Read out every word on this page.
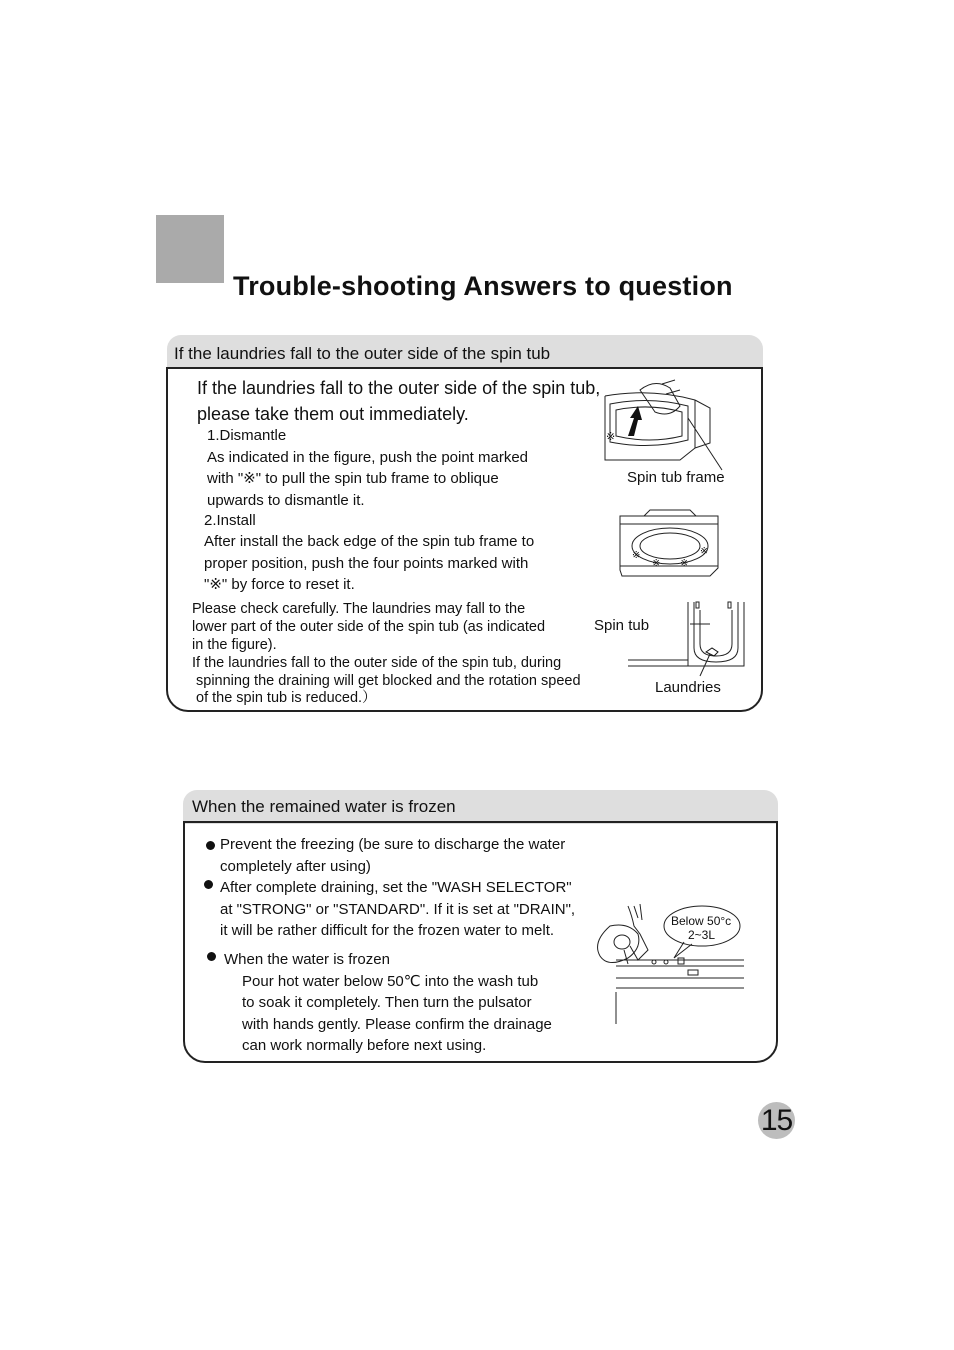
Trouble-shooting Answers to question
If the laundries fall to the outer side of the spin tub
If the laundries fall to the outer side of the spin tub,
please take them out immediately.
1.Dismantle
As indicated in the figure, push the point marked
with "※" to pull the spin tub frame to oblique
upwards to dismantle it.
2.Install
After install the back edge of the spin tub frame to
proper position, push the four points marked with
"※" by force to reset it.
Please check carefully. The laundries may fall to the
lower part of the outer side of the spin tub (as indicated
in the figure).
If the laundries fall to the outer side of the spin tub, during
spinning the draining will get blocked and the rotation speed
of the spin tub is reduced.）
※
Spin tub frame
※
※ ※
※
Spin tub
Laundries
When the remained water is frozen
Prevent the freezing (be sure to discharge the water
completely after using)
After complete draining, set the "WASH SELECTOR"
at "STRONG" or "STANDARD". If it is set at "DRAIN",
it will be rather difficult for the frozen water to melt.
When the water is frozen
Pour hot water below 50℃ into the wash tub
to soak it completely. Then turn the pulsator
with hands gently. Please confirm the drainage
can work normally before next using.
Below 50°c
2~3L
15
